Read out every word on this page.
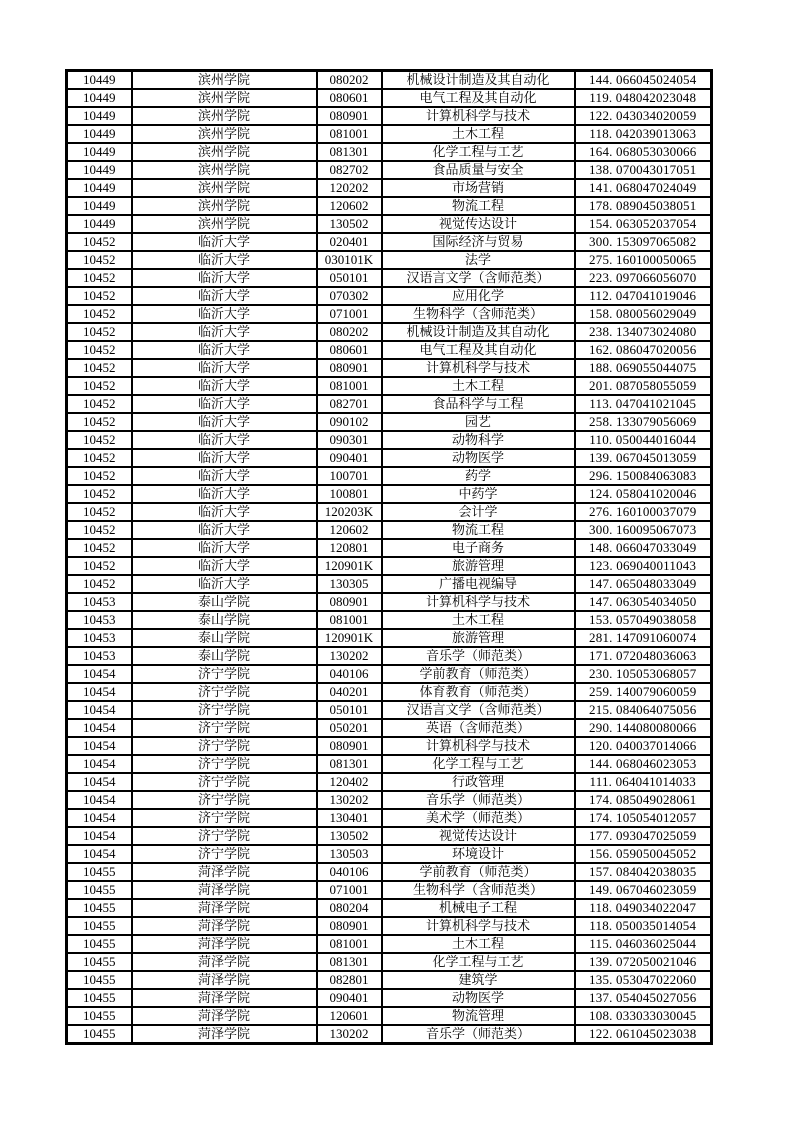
10449	滨州学院	080202	机械设计制造及其自动化	144. 066045024054
10449	滨州学院	080601	电气工程及其自动化	119. 048042023048
10449	滨州学院	080901	计算机科学与技术	122. 043034020059
10449	滨州学院	081001	土木工程	118. 042039013063
10449	滨州学院	081301	化学工程与工艺	164. 068053030066
10449	滨州学院	082702	食品质量与安全	138. 070043017051
10449	滨州学院	120202	市场营销	141. 068047024049
10449	滨州学院	120602	物流工程	178. 089045038051
10449	滨州学院	130502	视觉传达设计	154. 063052037054
10452	临沂大学	020401	国际经济与贸易	300. 153097065082
10452	临沂大学	030101K	法学	275. 160100050065
10452	临沂大学	050101	汉语言文学（含师范类）	223. 097066056070
10452	临沂大学	070302	应用化学	112. 047041019046
10452	临沂大学	071001	生物科学（含师范类）	158. 080056029049
10452	临沂大学	080202	机械设计制造及其自动化	238. 134073024080
10452	临沂大学	080601	电气工程及其自动化	162. 086047020056
10452	临沂大学	080901	计算机科学与技术	188. 069055044075
10452	临沂大学	081001	土木工程	201. 087058055059
10452	临沂大学	082701	食品科学与工程	113. 047041021045
10452	临沂大学	090102	园艺	258. 133079056069
10452	临沂大学	090301	动物科学	110. 050044016044
10452	临沂大学	090401	动物医学	139. 067045013059
10452	临沂大学	100701	药学	296. 150084063083
10452	临沂大学	100801	中药学	124. 058041020046
10452	临沂大学	120203K	会计学	276. 160100037079
10452	临沂大学	120602	物流工程	300. 160095067073
10452	临沂大学	120801	电子商务	148. 066047033049
10452	临沂大学	120901K	旅游管理	123. 069040011043
10452	临沂大学	130305	广播电视编导	147. 065048033049
10453	泰山学院	080901	计算机科学与技术	147. 063054034050
10453	泰山学院	081001	土木工程	153. 057049038058
10453	泰山学院	120901K	旅游管理	281. 147091060074
10453	泰山学院	130202	音乐学（师范类）	171. 072048036063
10454	济宁学院	040106	学前教育（师范类）	230. 105053068057
10454	济宁学院	040201	体育教育（师范类）	259. 140079060059
10454	济宁学院	050101	汉语言文学（含师范类）	215. 084064075056
10454	济宁学院	050201	英语（含师范类）	290. 144080080066
10454	济宁学院	080901	计算机科学与技术	120. 040037014066
10454	济宁学院	081301	化学工程与工艺	144. 068046023053
10454	济宁学院	120402	行政管理	111. 064041014033
10454	济宁学院	130202	音乐学（师范类）	174. 085049028061
10454	济宁学院	130401	美术学（师范类）	174. 105054012057
10454	济宁学院	130502	视觉传达设计	177. 093047025059
10454	济宁学院	130503	环境设计	156. 059050045052
10455	菏泽学院	040106	学前教育（师范类）	157. 084042038035
10455	菏泽学院	071001	生物科学（含师范类）	149. 067046023059
10455	菏泽学院	080204	机械电子工程	118. 049034022047
10455	菏泽学院	080901	计算机科学与技术	118. 050035014054
10455	菏泽学院	081001	土木工程	115. 046036025044
10455	菏泽学院	081301	化学工程与工艺	139. 072050021046
10455	菏泽学院	082801	建筑学	135. 053047022060
10455	菏泽学院	090401	动物医学	137. 054045027056
10455	菏泽学院	120601	物流管理	108. 033033030045
10455	菏泽学院	130202	音乐学（师范类）	122. 061045023038
